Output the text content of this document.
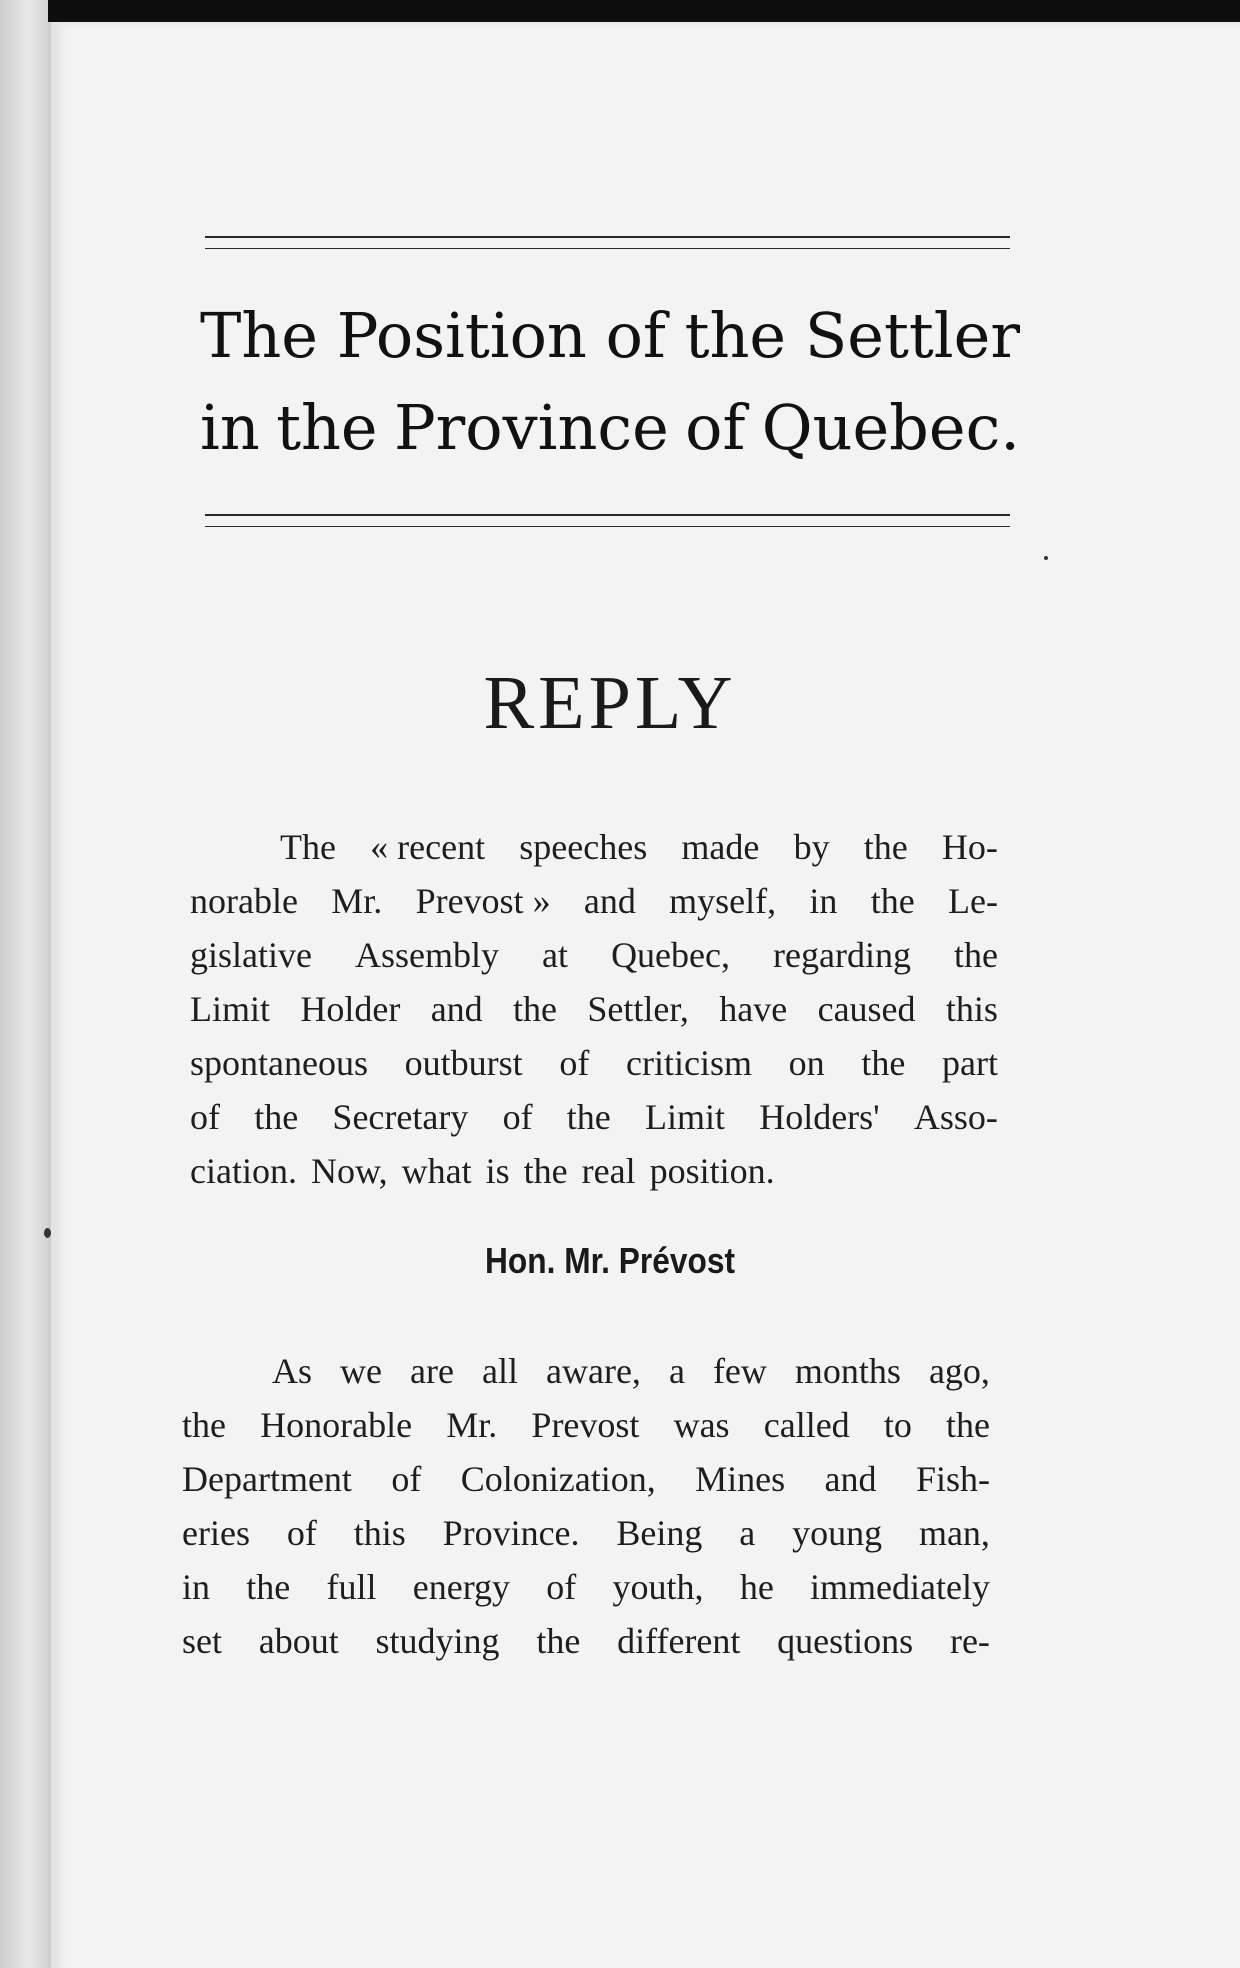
The Position of the Settler
in the Province of Quebec.
REPLY
The « recent speeches made by the Ho-
norable Mr. Prevost » and myself, in the Le-
gislative Assembly at Quebec, regarding the
Limit Holder and the Settler, have caused this
spontaneous outburst of criticism on the part
of the Secretary of the Limit Holders' Asso-
ciation. Now, what is the real position.
Hon. Mr. Prévost
As we are all aware, a few months ago,
the Honorable Mr. Prevost was called to the
Department of Colonization, Mines and Fish-
eries of this Province. Being a young man,
in the full energy of youth, he immediately
set about studying the different questions re-
